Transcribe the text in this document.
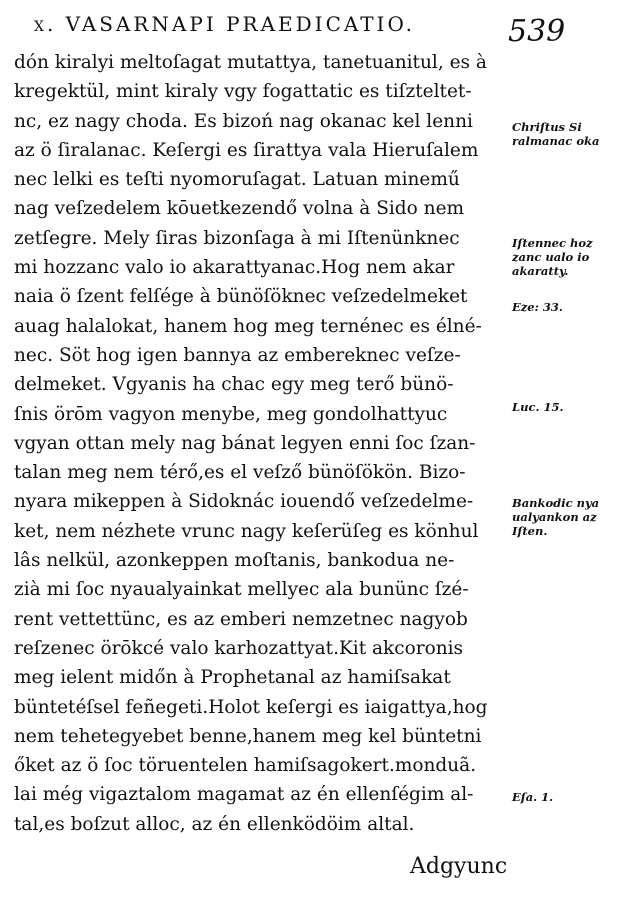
x. VASARNAPI PRAEDICATIO.	539
dón kiralyi meltoſagat mutattya, tanetuanitul, es à
kregektül, mint kiraly vgy fogattatic es tiſzteltet-
nc, ez nagy choda. Es bizoń nag okanac kel lenni
az ö ſiralanac. Keſergi es ſirattya vala Hieruſalem
nec lelki es teſti nyomoruſagat. Latuan minemű
nag veſzedelem kōuetkezendő volna à Sido nem
zetſegre. Mely ſiras bizonſaga à mi Iſtenünknec
mi hozzanc valo io akarattyanac.Hog nem akar
naia ö ſzent felſége à bünöſöknec veſzedelmeket
auag halalokat, hanem hog meg ternénec es élné-
nec. Söt hog igen bannya az embereknec veſze-
delmeket. Vgyanis ha chac egy meg terő bünö-
ſnis örōm vagyon menybe, meg gondolhattyuc
vgyan ottan mely nag bánat legyen enni ſoc ſzan-
talan meg nem térő,es el veſző bünöſökön. Bizo-
nyara mikeppen à Sidoknác iouendő veſzedelme-
ket, nem nézhete vrunc nagy keſerüſeg es könhul
lâs nelkül, azonkeppen moſtanis, bankodua ne-
zià mi ſoc nyaualyainkat mellyec ala bunünc ſzé-
rent vettettünc, es az emberi nemzetnec nagyob
reſzenec örōkcé valo karhozattyat.Kit akcoronis
meg ielent midőn à Prophetanal az hamiſsakat
büntetéſsel feñegeti.Holot keſergi es iaigattya,hog
nem tehetegyebet benne,hanem meg kel büntetni
őket az ö ſoc töruentelen hamiſsagokert.monduã.
lai még vigaztalom magamat az én ellenſégim al-
tal,es boſzut alloc, az én ellenködöim altal.
Chriſtus Si
ralmanac oka
Iſtennec hoz
zanc ualo io
akaratty.
Eze: 33.
Luc. 15.
Bankodic nya
ualyankon az
Iſten.
Eſa. 1.
Adgyunc
